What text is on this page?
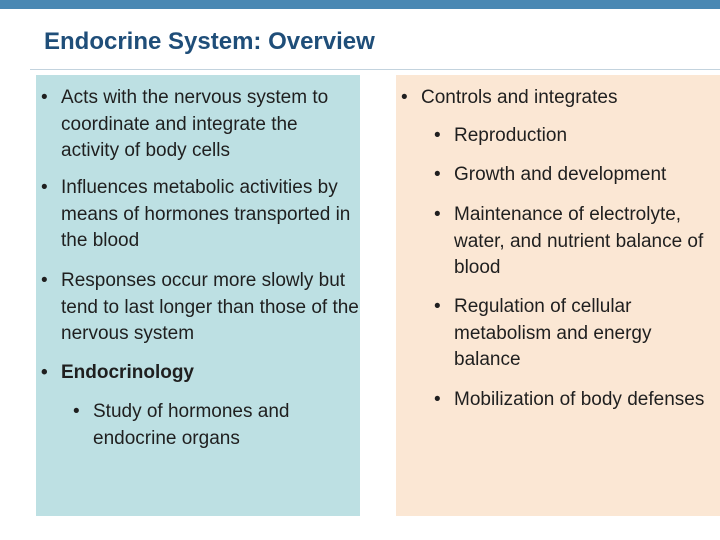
Endocrine System: Overview
• Acts with the nervous system to coordinate and integrate the activity of body cells
• Influences metabolic activities by means of hormones transported in the blood
• Responses occur more slowly but tend to last longer than those of the nervous system
• Endocrinology
• Study of hormones and endocrine organs
• Controls and integrates
• Reproduction
• Growth and development
• Maintenance of electrolyte, water, and nutrient balance of blood
• Regulation of cellular metabolism and energy balance
• Mobilization of body defenses
